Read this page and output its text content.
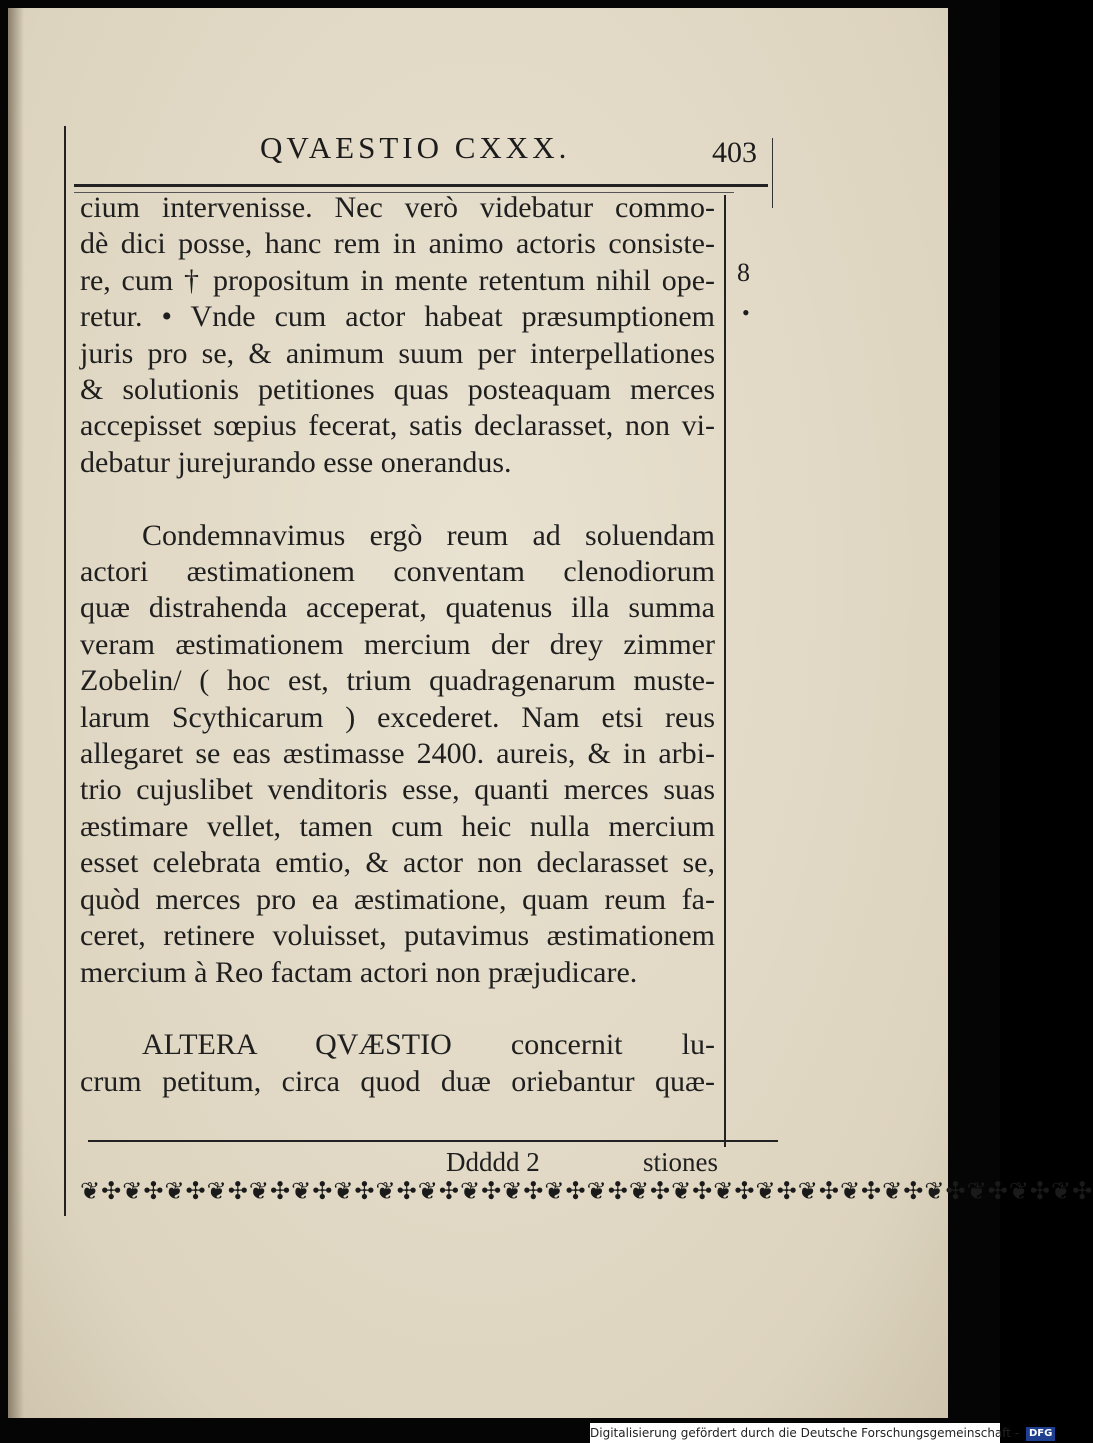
QVAESTIO CXXX.	403
8
•
cium intervenisse. Nec verò videbatur commo-
dè dici posse, hanc rem in animo actoris consiste-
re, cum † propositum in mente retentum nihil ope-
retur. • Vnde cum actor habeat præsumptionem
juris pro se, & animum suum per interpellationes
& solutionis petitiones quas posteaquam merces
accepisset sœpius fecerat, satis declarasset, non vi-
debatur jurejurando esse onerandus.
Condemnavimus ergò reum ad soluendam
actori æstimationem conventam clenodiorum
quæ distrahenda acceperat, quatenus illa summa
veram æstimationem mercium der drey zimmer
Zobelin/ ( hoc est, trium quadragenarum muste-
larum Scythicarum ) excederet. Nam etsi reus
allegaret se eas æstimasse 2400. aureis, & in arbi-
trio cujuslibet venditoris esse, quanti merces suas
æstimare vellet, tamen cum heic nulla mercium
esset celebrata emtio, & actor non declarasset se,
quòd merces pro ea æstimatione, quam reum fa-
ceret, retinere voluisset, putavimus æstimationem
mercium à Reo factam actori non præjudicare.
ALTERA QVÆSTIO concernit lu-
crum petitum, circa quod duæ oriebantur quæ-
Ddddd 2	stiones
❦✣❦✣❦✣❦✣❦✣❦✣❦✣❦✣❦✣❦✣❦✣❦✣❦✣❦✣❦✣❦✣❦✣❦✣❦✣❦✣❦✣❦✣❦✣❦✣
Digitalisierung gefördert durch die Deutsche Forschungsgemeinschaft - DFG
